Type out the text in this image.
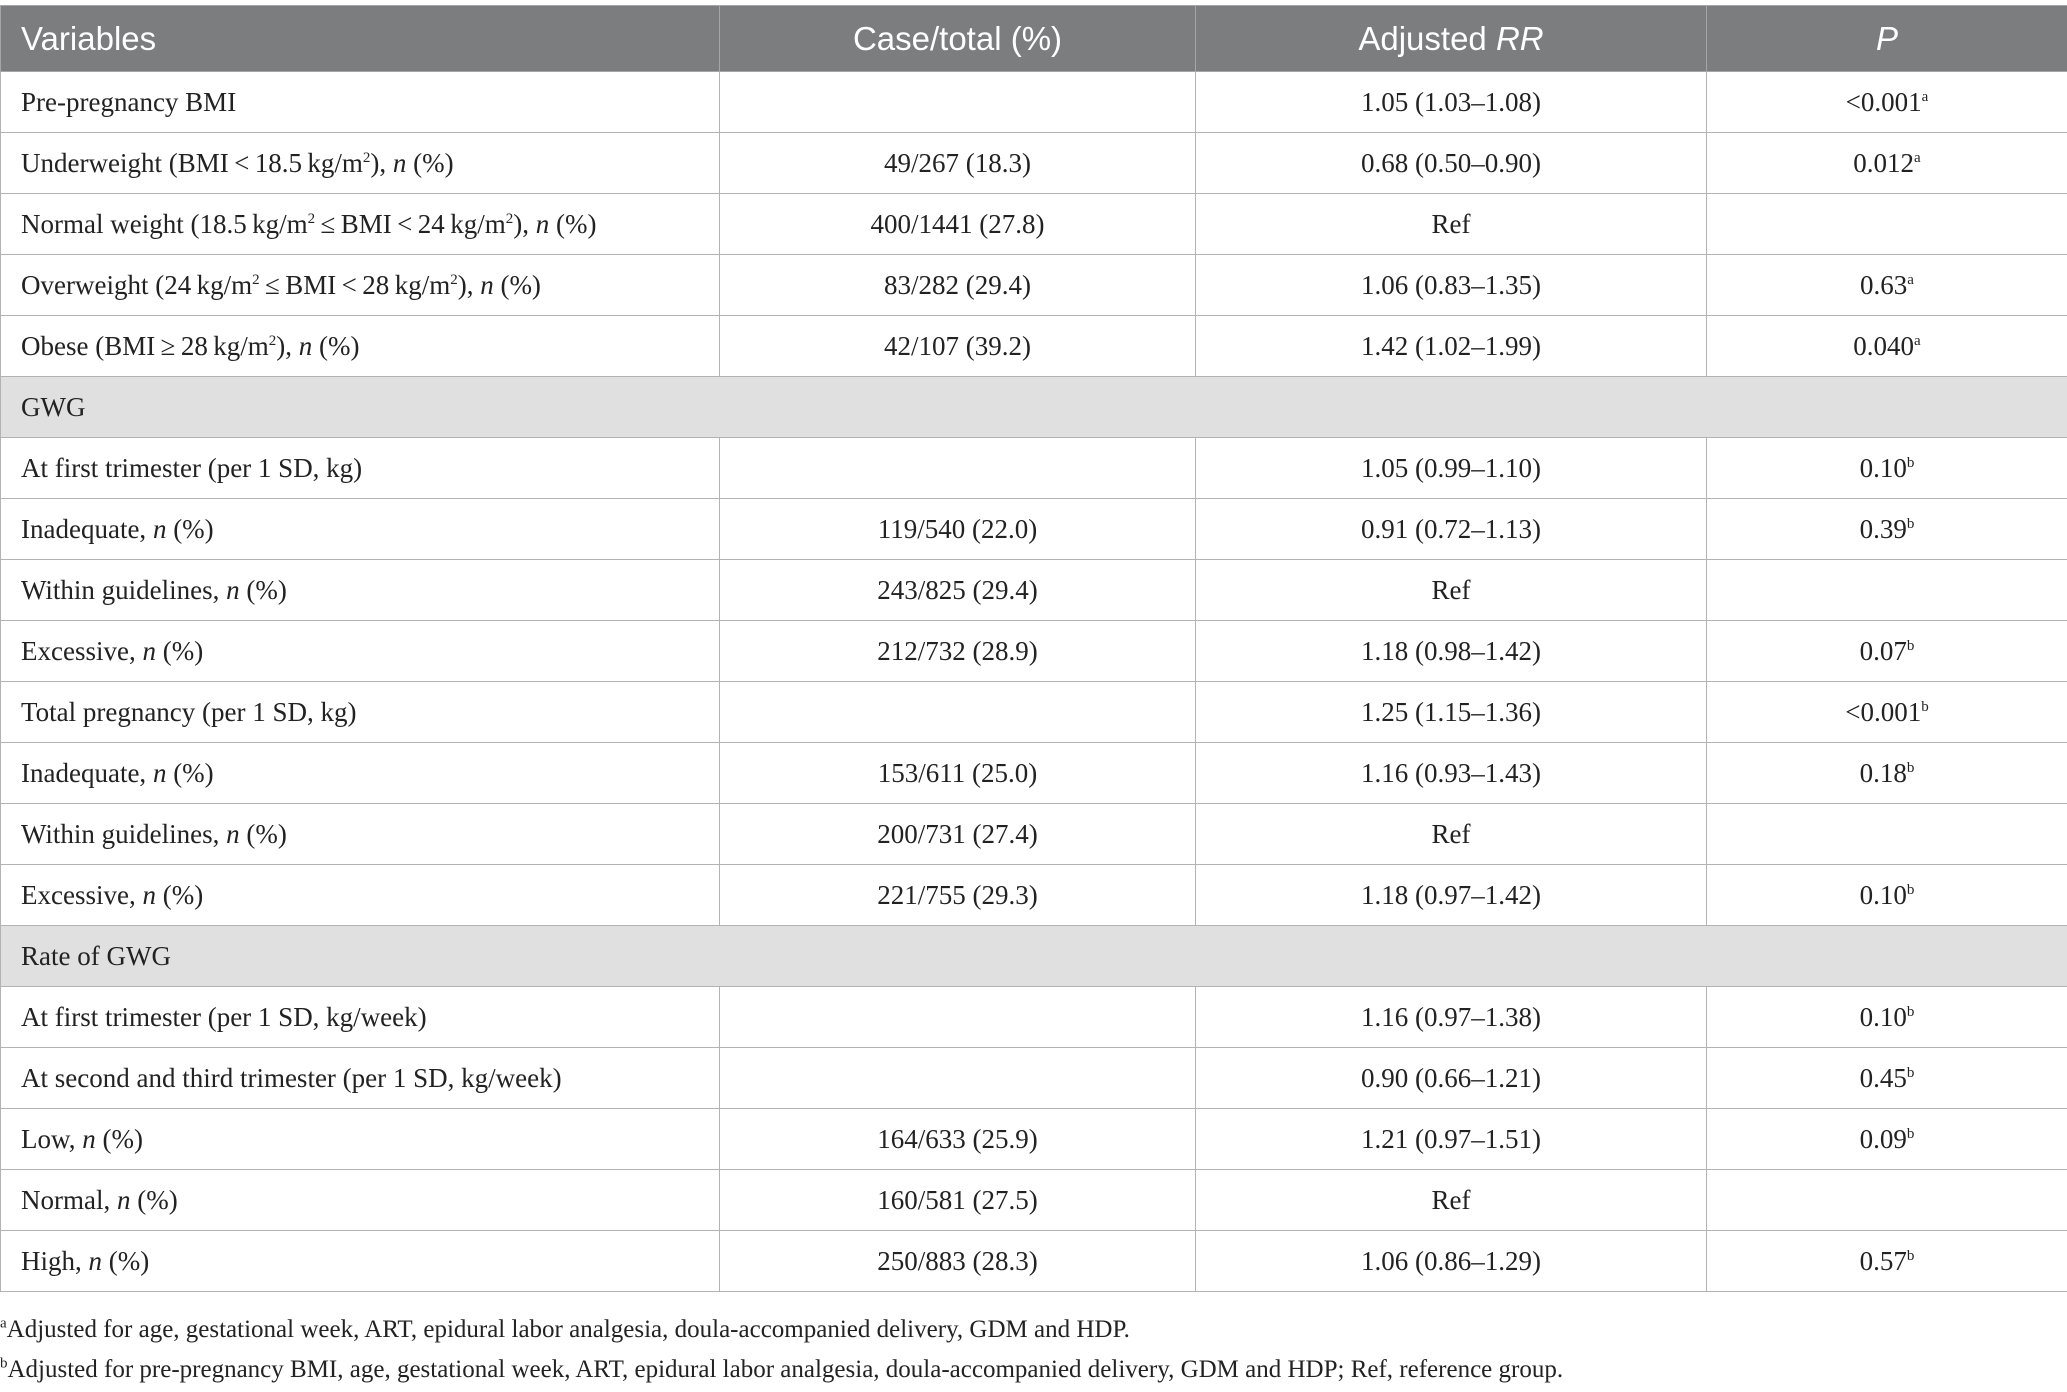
Variables	Case/total (%)	Adjusted RR	P
Pre-pregnancy BMI		1.05 (1.03–1.08)	<0.001$^a$
Underweight (BMI < 18.5 $kg/m^2$), n (%)	49/267 (18.3)	0.68 (0.50–0.90)	0.012$^a$
Normal weight (18.5 $kg/m^2$ ≤ BMI < 24 $kg/m^2$), n (%)	400/1441 (27.8)	Ref	
Overweight (24 $kg/m^2$ ≤ BMI < 28 $kg/m^2$), n (%)	83/282 (29.4)	1.06 (0.83–1.35)	0.63$^a$
Obese (BMI ≥ 28 $kg/m^2$), n (%)	42/107 (39.2)	1.42 (1.02–1.99)	0.040$^a$
GWG			
At first trimester (per 1 SD, kg)		1.05 (0.99–1.10)	0.10$^b$
Inadequate, n (%)	119/540 (22.0)	0.91 (0.72–1.13)	0.39$^b$
Within guidelines, n (%)	243/825 (29.4)	Ref	
Excessive, n (%)	212/732 (28.9)	1.18 (0.98–1.42)	0.07$^b$
Total pregnancy (per 1 SD, kg)		1.25 (1.15–1.36)	<0.001$^b$
Inadequate, n (%)	153/611 (25.0)	1.16 (0.93–1.43)	0.18$^b$
Within guidelines, n (%)	200/731 (27.4)	Ref	
Excessive, n (%)	221/755 (29.3)	1.18 (0.97–1.42)	0.10$^b$
Rate of GWG			
At first trimester (per 1 SD, kg/week)		1.16 (0.97–1.38)	0.10$^b$
At second and third trimester (per 1 SD, kg/week)		0.90 (0.66–1.21)	0.45$^b$
Low, n (%)	164/633 (25.9)	1.21 (0.97–1.51)	0.09$^b$
Normal, n (%)	160/581 (27.5)	Ref	
High, n (%)	250/883 (28.3)	1.06 (0.86–1.29)	0.57$^b$
$^a$Adjusted for age, gestational week, ART, epidural labor analgesia, doula-accompanied delivery, GDM and HDP.
$^b$Adjusted for pre-pregnancy BMI, age, gestational week, ART, epidural labor analgesia, doula-accompanied delivery, GDM and HDP; Ref, reference group.
